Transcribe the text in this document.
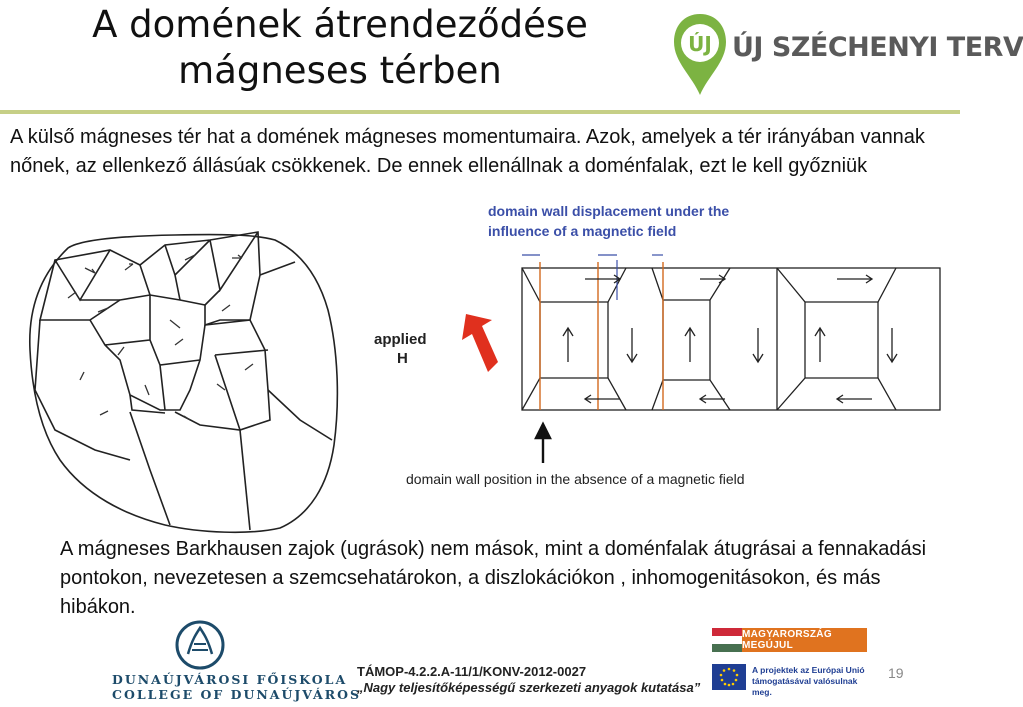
A domének átrendeződése
mágneses térben
ÚJ ÚJ SZÉCHENYI TERV
A külső mágneses tér hat a domének mágneses momentumaira. Azok, amelyek a tér irányában vannak nőnek, az ellenkező állásúak csökkenek. De ennek ellenállnak a doménfalak, ezt le kell győzniük
domain wall displacement under the
influence of a magnetic field
applied
H
domain wall position in the absence of a magnetic field
A mágneses Barkhausen zajok (ugrások) nem mások, mint a doménfalak átugrásai a fennakadási pontokon, nevezetesen a szemcsehatárokon, a diszlokációkon , inhomogenitásokon, és más hibákon.
DUNAÚJVÁROSI FŐISKOLA
COLLEGE OF DUNAÚJVÁROS
TÁMOP-4.2.2.A-11/1/KONV-2012-0027
„Nagy teljesítőképességű szerkezeti anyagok kutatása”
MAGYARORSZÁG MEGÚJUL
A projektek az Európai Unió támogatásával valósulnak meg.
19
